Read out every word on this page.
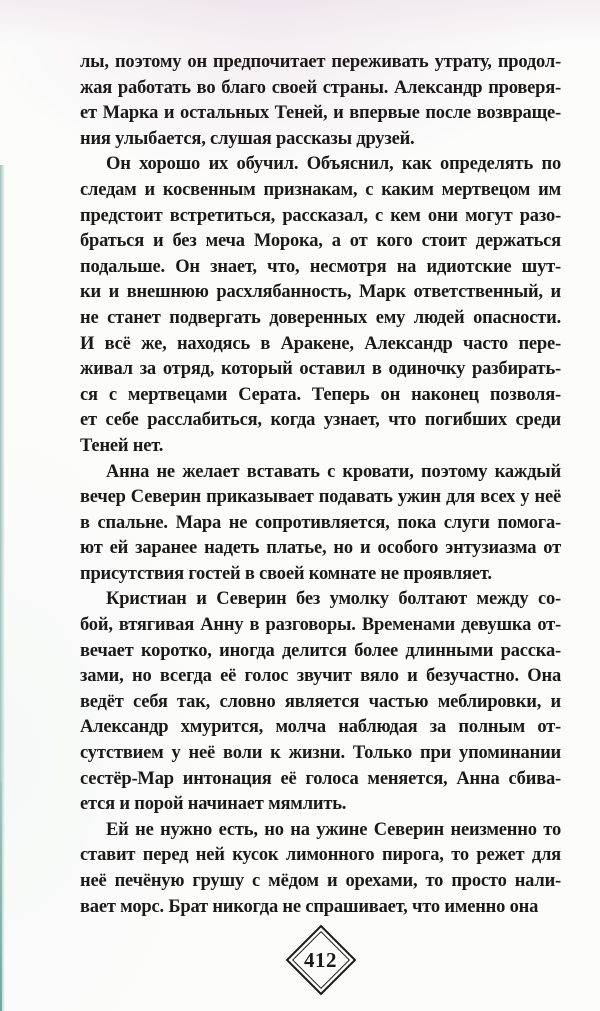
лы, поэтому он предпочитает переживать утрату, продол-
жая работать во благо своей страны. Александр проверя-
ет Марка и остальных Теней, и впервые после возвраще-
ния улыбается, слушая рассказы друзей.

Он хорошо их обучил. Объяснил, как определять по
следам и косвенным признакам, с каким мертвецом им
предстоит встретиться, рассказал, с кем они могут разо-
браться и без меча Морока, а от кого стоит держаться
подальше. Он знает, что, несмотря на идиотские шут-
ки и внешнюю расхлябанность, Марк ответственный, и
не станет подвергать доверенных ему людей опасности.
И всё же, находясь в Аракене, Александр часто пере-
живал за отряд, который оставил в одиночку разбирать-
ся с мертвецами Серата. Теперь он наконец позволя-
ет себе расслабиться, когда узнает, что погибших среди
Теней нет.

Анна не желает вставать с кровати, поэтому каждый
вечер Северин приказывает подавать ужин для всех у неё
в спальне. Мара не сопротивляется, пока слуги помога-
ют ей заранее надеть платье, но и особого энтузиазма от
присутствия гостей в своей комнате не проявляет.

Кристиан и Северин без умолку болтают между со-
бой, втягивая Анну в разговоры. Временами девушка от-
вечает коротко, иногда делится более длинными расска-
зами, но всегда её голос звучит вяло и безучастно. Она
ведёт себя так, словно является частью меблировки, и
Александр хмурится, молча наблюдая за полным от-
сутствием у неё воли к жизни. Только при упоминании
сестёр-Мар интонация её голоса меняется, Анна сбива-
ется и порой начинает мямлить.

Ей не нужно есть, но на ужине Северин неизменно то
ставит перед ней кусок лимонного пирога, то режет для
неё печёную грушу с мёдом и орехами, то просто нали-
вает морс. Брат никогда не спрашивает, что именно она

412
